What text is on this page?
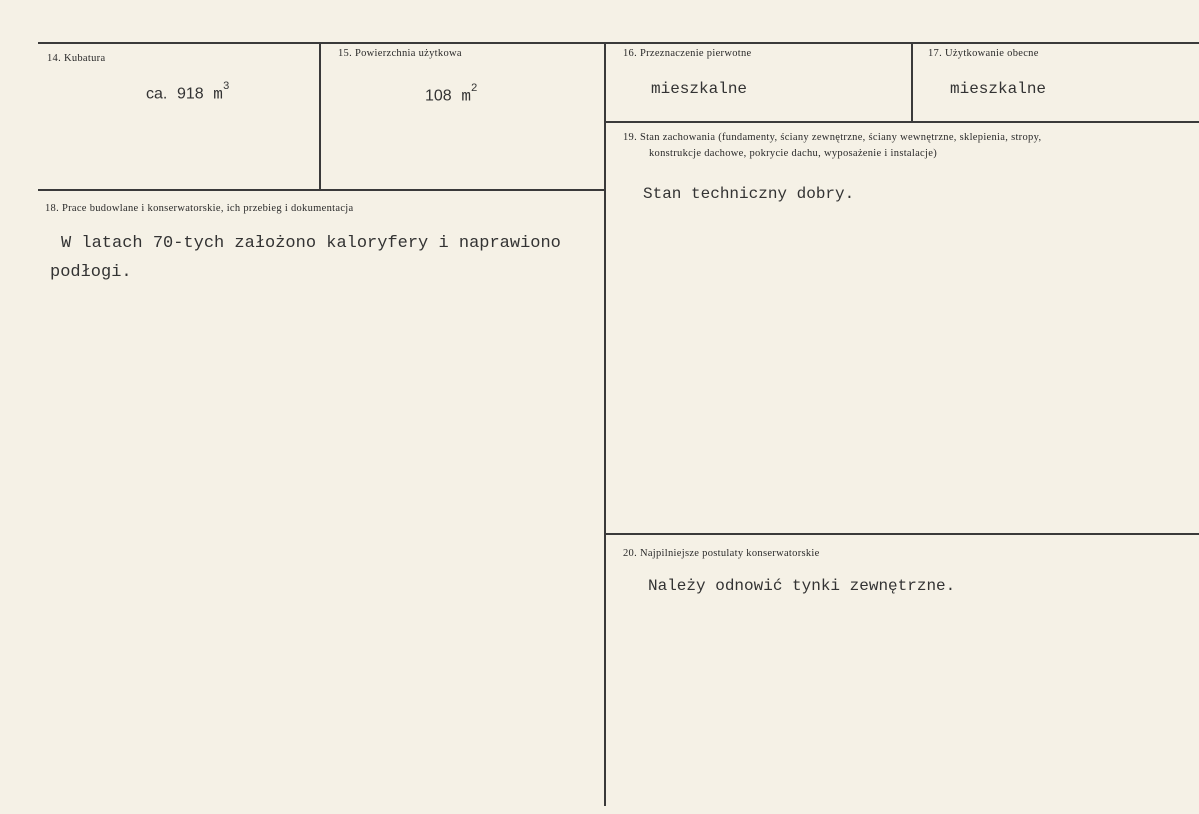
14. Kubatura
ca. 918 $m^3$
15. Powierzchnia użytkowa
108 $m^2$
16. Przeznaczenie pierwotne
mieszkalne
17. Użytkowanie obecne
mieszkalne
18. Prace budowlane i konserwatorskie, ich przebieg i dokumentacja
W latach 70-tych założono kaloryfery i naprawiono
podłogi.
19. Stan zachowania (fundamenty, ściany zewnętrzne, ściany wewnętrzne, sklepienia, stropy,
konstrukcje dachowe, pokrycie dachu, wyposażenie i instalacje)
Stan techniczny dobry.
20. Najpilniejsze postulaty konserwatorskie
Należy odnowić tynki zewnętrzne.
